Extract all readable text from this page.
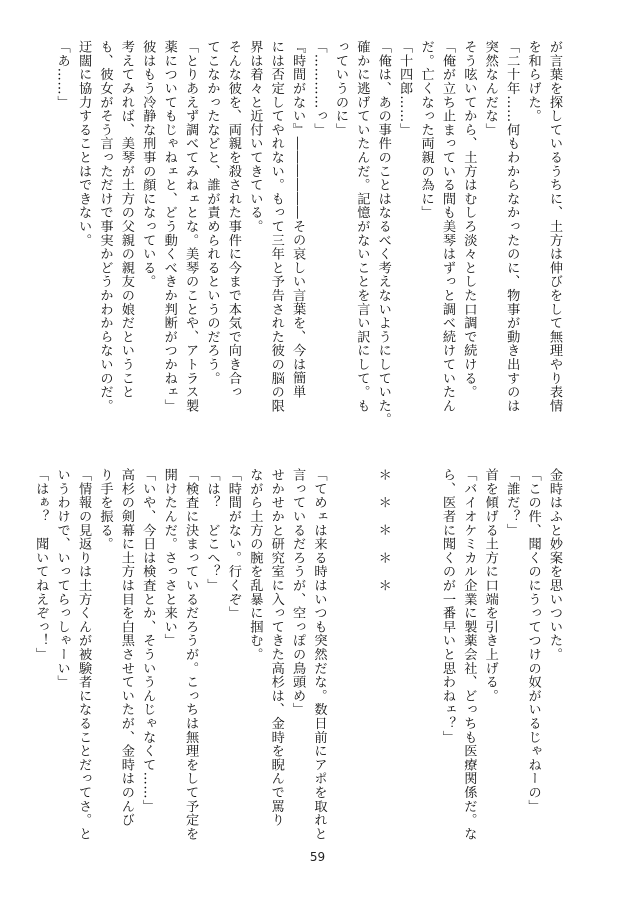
が言葉を探しているうちに、土方は伸びをして無理やり表情
を和らげた。
「二十年……何もわからなかったのに、物事が動き出すのは
突然なんだな」
そう呟いてから、土方はむしろ淡々とした口調で続ける。
「俺が立ち止まっている間も美琴はずっと調べ続けていたん
だ。亡くなった両親の為に」
「十四郎……」
「俺は、あの事件のことはなるべく考えないようにしていた。
確かに逃げていたんだ。記憶がないことを言い訳にして。も
っていうのに」
「…………っ」
『時間がない』――――――その哀しい言葉を、今は簡単
には否定してやれない。もって三年と予告された彼の脳の限
界は着々と近付いてきている。
そんな彼を、両親を殺された事件に今まで本気で向き合っ
てこなかったなどと、誰が責められるというのだろう。
「とりあえず調べてみねェとな。美琴のことや、アトラス製
薬についてもじゃねェと、どう動くべきか判断がつかねェ」
彼はもう冷静な刑事の顔になっている。
考えてみれば、美琴が土方の父親の親友の娘だということ
も、彼女がそう言っただけで事実かどうかわからないのだ。
迂闊に協力することはできない。
「あ……」
金時はふと妙案を思いついた。
「この件、聞くのにうってつけの奴がいるじゃねーの」
「誰だ？」
首を傾げる土方に口端を引き上げる。
「バイオケミカル企業に製薬会社、どっちも医療関係だ。な
ら、医者に聞くのが一番早いと思わねェ？」

＊　＊　＊　＊　＊

「てめェは来る時はいつも突然だな。数日前にアポを取れと
言っているだろうが、空っぽの鳥頭め」
せかせかと研究室に入ってきた高杉は、金時を睨んで罵り
ながら土方の腕を乱暴に掴む。
「時間がない。行くぞ」
「は？　どこへ？」
「検査に決まっているだろうが。こっちは無理をして予定を
開けたんだ。さっさと来い」
「いや、今日は検査とか、そういうんじゃなくて……」
高杉の剣幕に土方は目を白黒させていたが、金時はのんび
り手を振る。
「情報の見返りは土方くんが被験者になることだってさ。と
いうわけで、いってらっしゃーい」
「はぁ？　聞いてねえぞっ！」
59
